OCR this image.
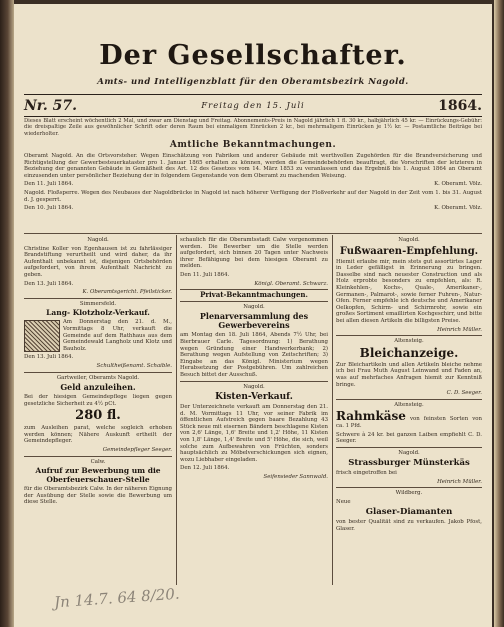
Der Gesellschafter.
Amts- und Intelligenzblatt für den Oberamtsbezirk Nagold.
Nr. 57.	Freitag den 15. Juli	1864.
Dieses Blatt erscheint wöchentlich 2 Mal, und zwar am Dienstag und Freitag. Abonnements-Preis in Nagold jährlich 1 fl. 30 kr., halbjährlich 45 kr. — Einrückungs-Gebühr: die dreispaltige Zeile aus gewöhnlicher Schrift oder deren Raum bei einmaligem Einrücken 2 kr., bei mehrmaligem Einrücken je 1½ kr. — Postamtliche Beiträge bei wiederholter.
Amtliche Bekanntmachungen.

Oberamt Nagold. An die Ortsvorsteher. Wegen Einschätzung von Fabriken und anderer Gebäude mit werthvollen Zugehörden für die Brandversicherung und Richtigstellung der Gewerbesteuerkataster pro 1. Januar 1865 erhalten zu können, werden die Gemeindebehörden beauftragt, die Vorschriften der letzteren in Beziehung der genannten Gebäude in Gemäßheit des Art. 12 des Gesetzes vom 14. März 1853 zu veranlassen und das Ergebniß bis 1. August 1864 an Oberamt einzusenden unter persönlicher Beziehung der in folgendem Gegenstande von dem Oberamt zu machenden Weisung.

Den 11. Juli 1864.	K. Oberamt. Völz.

Nagold. Floßsperre. Wegen des Neubaues der Nagoldbrücke in Nagold ist nach höherer Verfügung der Floßverkehr auf der Nagold in der Zeit vom 1. bis 31. August d. J. gesperrt.

Den 10. Juli 1864.	K. Oberamt. Völz.

Nagold.

Christine Koller von Egenhausen ist zu fahrlässiger Brandstiftung verurtheilt und wird daher, da ihr Aufenthalt unbekannt ist, diejenigen Ortsbehörden aufgefordert, von ihrem Aufenthalt Nachricht zu geben.

Den 13. Juli 1864.

K. Oberamtsgericht. Pfeilsticker.

Simmersfeld.

Lang- Klotzholz-Verkauf.

Am Donnerstag den 21. d. M., Vormittags 8 Uhr, verkauft die Gemeinde auf dem Rathhaus aus dem Gemeindewald Langholz und Klotz und Bauholz.

Den 13. Juli 1864.

Schultheißenamt. Schaible.

Gartweiler, Oberamts Nagold.

Geld anzuleihen.

Bei der hiesigen Gemeindepflege liegen gegen gesetzliche Sicherheit zu 4½ pCt.

280 fl.

zum Ausleihen parat, welche sogleich erhoben werden können; Nähere Auskunft ertheilt der Gemeindepfleger.

Gemeindepfleger Seeger.

Calw.

Aufruf zur Bewerbung um die Oberfeuerschauer-Stelle

für die Oberamtsbezirk Calw. In der näheren Eignung der Ausübung der Stelle sowie die Bewerbung um diese Stelle.

schaulich für die Oberamtsstadt Calw vorgenommen werden. Die Bewerber um die Stelle werden aufgefordert, sich binnen 20 Tagen unter Nachweis ihrer Befähigung bei dem hiesigen Oberamt zu melden.

Den 11. Juli 1864.

Königl. Oberamt. Schwarz.

Privat-Bekanntmachungen.

Nagold.

Plenarversammlung des Gewerbevereins

am Montag den 18. Juli 1864, Abends 7½ Uhr, bei Bierbrauer Carle. Tagesordnung: 1) Berathung wegen Gründung einer Handwerkerbank; 2) Berathung wegen Aufstellung von Zeitschriften; 3) Eingabe an das Königl. Ministerium wegen Herabsetzung der Postgebühren. Um zahlreichen Besuch bittet der Ausschuß.

Nagold.

Kisten-Verkauf.

Der Unterzeichnete verkauft am Donnerstag den 21. d. M. Vormittags 11 Uhr, vor seiner Fabrik im öffentlichen Aufstreich gegen baare Bezahlung 43 Stück neue mit eisernen Bändern beschlagene Kisten von 2,6' Länge, 1,6' Breite und 1,2' Höhe, 11 Kisten von 1,8' Länge, 1,4' Breite und 5' Höhe, die sich, weil solche zum Aufbewahren von Früchten, sonders hauptsächlich zu Möbelverschickungen sich eignen, wozu Liebhaber eingeladen.

Den 12. Juli 1864.

Seifensieder Sannwald.

Nagold.

Fußwaaren-Empfehlung.

Hiemit erlaube mir, mein stets gut assortirtes Lager in Leder gefälligst in Erinnerung zu bringen. Dasselbe sind nach neuester Construction und als Holz erprobte besonders zu empfehlen, als: R. Kleinkehlen-, Kochs-, Quale-, Amerikaner-, Germanen-, Palmarot-, sowie ferner Fuhren-, Natur-Ofen. Ferner empfehle ich deutsche und Amerikaner Oelkopfen, Schirm- und Schirmrohr, sowie ein großes Sortiment emaillirten Kochgeschirr, und bitte bei allen diesen Artikeln die billigsten Preise.

Heinrich Müller.

Altensteig.

Bleichanzeige.

Zur Bleichartikeln und allen Artikeln bleiche nehme ich bei Frau Muth August Leinwand und Faden an, was auf mehrfaches Anfragen hiemit zur Kenntniß bringe.

C. D. Seeger.

Altensteig.

Rahmkäse von feinsten Sorten von ca. 1 Pfd.

Schwere à 24 kr. bei ganzen Laiben empfiehlt C. D. Seeger.

Nagold.

Strassburger Münsterkäs

frisch eingetroffen bei

Heinrich Müller.

Wildberg.

Neue

Glaser-Diamanten

von bester Qualität sind zu verkaufen. Jakob Pfost, Glaser.

Jn 14.7. 64 8/20.
